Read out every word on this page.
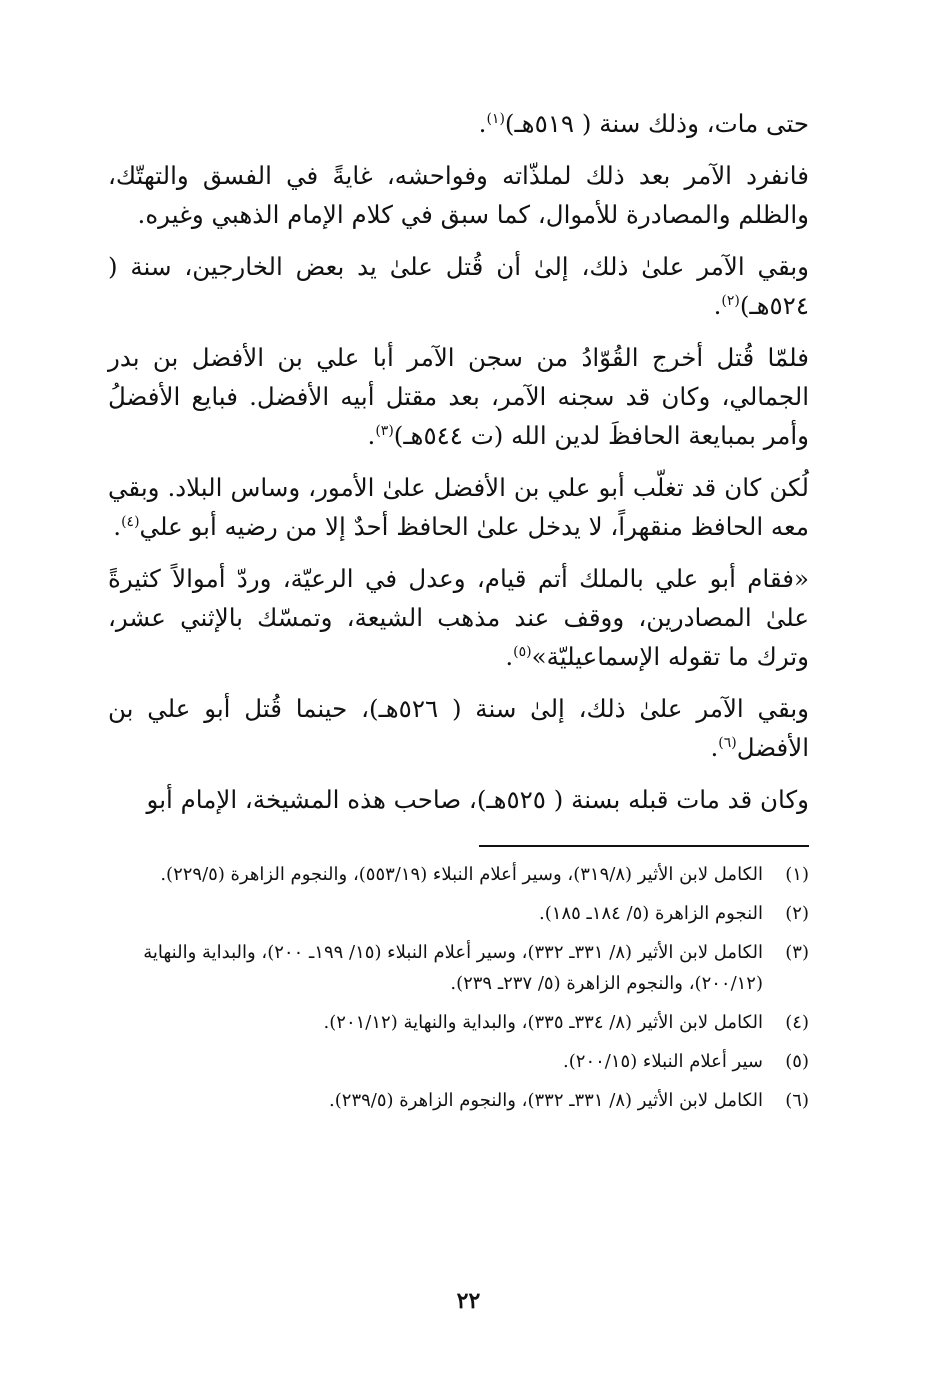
حتى مات، وذلك سنة ( ٥١٩هـ)$^{(١)}$.

فانفرد الآمر بعد ذلك لملذّاته وفواحشه، غايةً في الفسق والتهتّك، والظلم والمصادرة للأموال، كما سبق في كلام الإمام الذهبي وغيره.

وبقي الآمر علىٰ ذلك، إلىٰ أن قُتل علىٰ يد بعض الخارجين، سنة ( ٥٢٤هـ)$^{(٢)}$.

فلمّا قُتل أخرج القُوّادُ من سجن الآمر أبا علي بن الأفضل بن بدر الجمالي، وكان قد سجنه الآمر، بعد مقتل أبيه الأفضل. فبايع الأفضلُ وأمر بمبايعة الحافظَ لدين الله (ت ٥٤٤هـ)$^{(٣)}$.

لُكن كان قد تغلّب أبو علي بن الأفضل علىٰ الأمور، وساس البلاد. وبقي معه الحافظ منقهراً، لا يدخل علىٰ الحافظ أحدٌ إلا من رضيه أبو علي$^{(٤)}$.

«فقام أبو علي بالملك أتم قيام، وعدل في الرعيّة، وردّ أموالاً كثيرةً علىٰ المصادرين، ووقف عند مذهب الشيعة، وتمسّك بالإثني عشر، وترك ما تقوله الإسماعيليّة»$^{(٥)}$.

وبقي الآمر علىٰ ذلك، إلىٰ سنة ( ٥٢٦هـ)، حينما قُتل أبو علي بن الأفضل$^{(٦)}$.

وكان قد مات قبله بسنة ( ٥٢٥هـ)، صاحب هذه المشيخة، الإمام أبو

(١)
الكامل لابن الأثير (٣١٩/٨)، وسير أعلام النبلاء (٥٥٣/١٩)، والنجوم الزاهرة (٢٢٩/٥).
(٢)
النجوم الزاهرة (٥/ ١٨٤ـ ١٨٥).
(٣)
الكامل لابن الأثير (٨/ ٣٣١ـ ٣٣٢)، وسير أعلام النبلاء (١٥/ ١٩٩ـ ٢٠٠)، والبداية والنهاية (٢٠٠/١٢)، والنجوم الزاهرة (٥/ ٢٣٧ـ ٢٣٩).
(٤)
الكامل لابن الأثير (٨/ ٣٣٤ـ ٣٣٥)، والبداية والنهاية (٢٠١/١٢).
(٥)
سير أعلام النبلاء (٢٠٠/١٥).
(٦)
الكامل لابن الأثير (٨/ ٣٣١ـ ٣٣٢)، والنجوم الزاهرة (٢٣٩/٥).
٢٢
